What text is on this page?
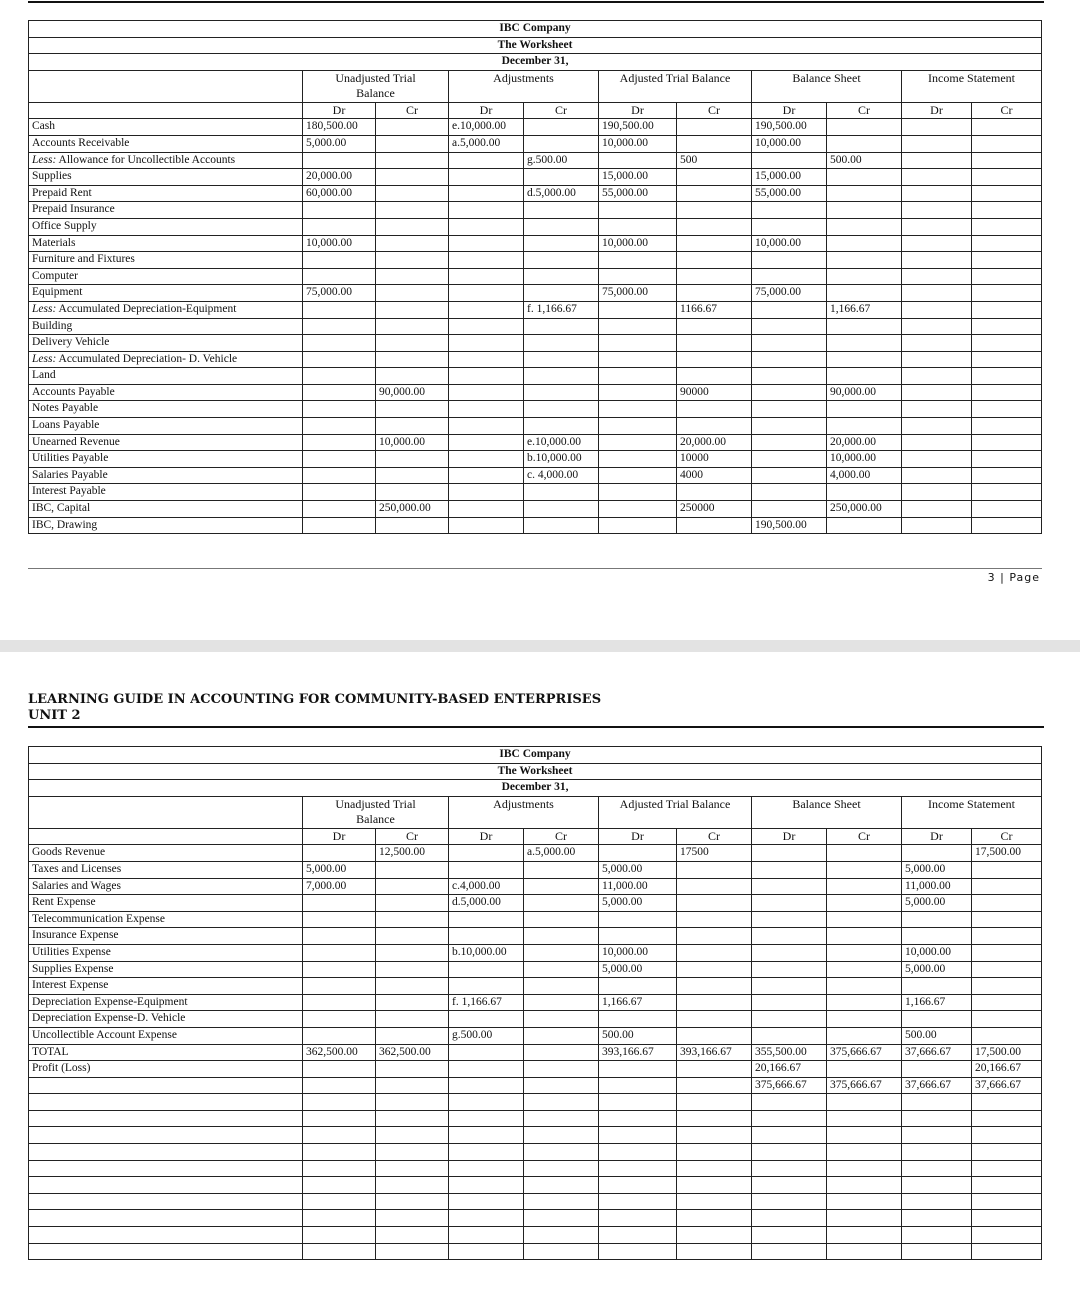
IBC Company										
The Worksheet										
December 31,										

	Unadjusted Trial
Balance		Adjustments		Adjusted Trial Balance		Balance Sheet		Income Statement	
	Dr	Cr	Dr	Cr	Dr	Cr	Dr	Cr	Dr	Cr
Cash	180,500.00		e.10,000.00		190,500.00		190,500.00			
Accounts Receivable	5,000.00		a.5,000.00		10,000.00		10,000.00			
Less: Allowance for Uncollectible Accounts				g.500.00		500		500.00		
Supplies	20,000.00				15,000.00		15,000.00			
Prepaid Rent	60,000.00			d.5,000.00	55,000.00		55,000.00			
Prepaid Insurance										
Office Supply										
Materials	10,000.00				10,000.00		10,000.00			
Furniture and Fixtures										
Computer										
Equipment	75,000.00				75,000.00		75,000.00			
Less: Accumulated Depreciation-Equipment				f. 1,166.67		1166.67		1,166.67		
Building										
Delivery Vehicle										
Less: Accumulated Depreciation- D. Vehicle										
Land										
Accounts Payable		90,000.00				90000		90,000.00		
Notes Payable										
Loans Payable										
Unearned Revenue		10,000.00		e.10,000.00		20,000.00		20,000.00		
Utilities Payable				b.10,000.00		10000		10,000.00		
Salaries Payable				c. 4,000.00		4000		4,000.00		
Interest Payable										
IBC, Capital		250,000.00				250000		250,000.00		
IBC, Drawing							190,500.00			
3 | Page
LEARNING GUIDE IN ACCOUNTING FOR COMMUNITY-BASED ENTERPRISES
UNIT 2
IBC Company										
The Worksheet										
December 31,										

	Unadjusted Trial
Balance		Adjustments		Adjusted Trial Balance		Balance Sheet		Income Statement	
	Dr	Cr	Dr	Cr	Dr	Cr	Dr	Cr	Dr	Cr
Goods Revenue		12,500.00		a.5,000.00		17500				17,500.00
Taxes and Licenses	5,000.00				5,000.00				5,000.00	
Salaries and Wages	7,000.00		c.4,000.00		11,000.00				11,000.00	
Rent Expense			d.5,000.00		5,000.00				5,000.00	
Telecommunication Expense										
Insurance Expense										
Utilities Expense			b.10,000.00		10,000.00				10,000.00	
Supplies Expense					5,000.00				5,000.00	
Interest Expense										
Depreciation Expense-Equipment			f. 1,166.67		1,166.67				1,166.67	
Depreciation Expense-D. Vehicle										
Uncollectible Account Expense			g.500.00		500.00				500.00	
TOTAL	362,500.00	362,500.00			393,166.67	393,166.67	355,500.00	375,666.67	37,666.67	17,500.00
Profit (Loss)							20,166.67			20,166.67
							375,666.67	375,666.67	37,666.67	37,666.67
